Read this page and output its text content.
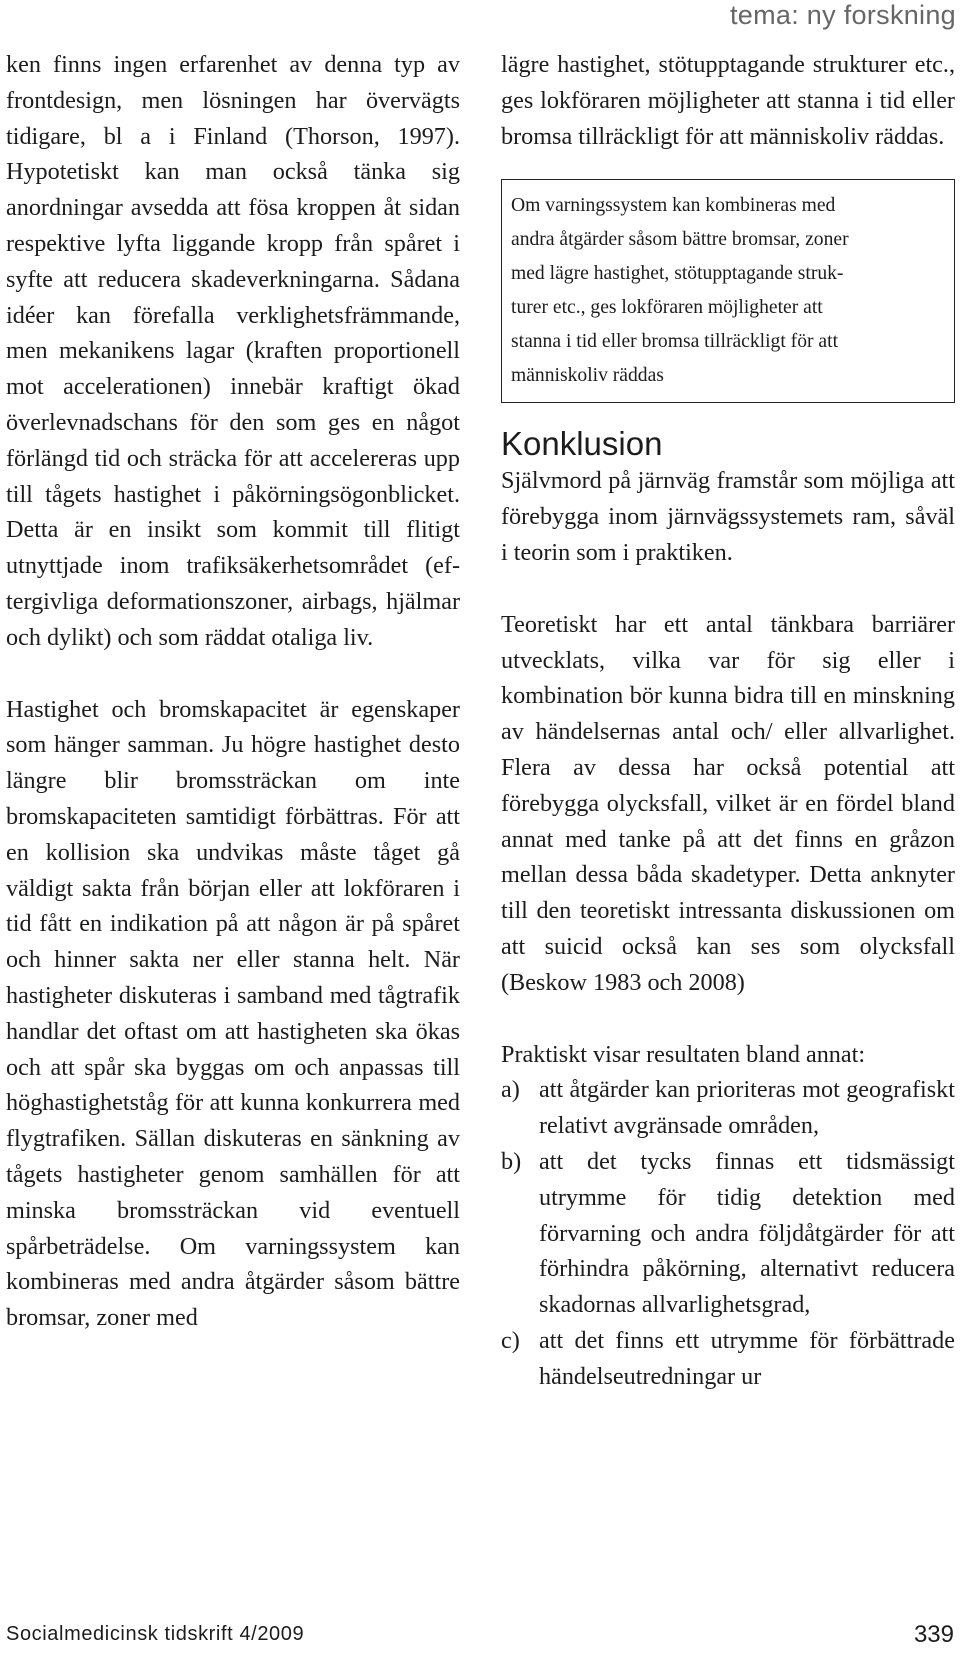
tema: ny forskning

ken finns ingen erfarenhet av denna typ av frontdesign, men lösningen har övervägts tidigare, bl a i Finland (Thorson, 1997). Hypotetiskt kan man också tänka sig anordningar avsedda att fösa kroppen åt sidan respektive lyfta liggande kropp från spåret i syfte att reducera skadeverkningarna. Sådana idéer kan förefalla verklighetsfrämmande, men mekanikens lagar (kraften proportionell mot accelerationen) innebär kraftigt ökad överlevnadschans för den som ges en något förlängd tid och sträcka för att accelereras upp till tågets hastighet i påkörningsögonblicket. Detta är en insikt som kommit till flitigt utnyttjade inom trafiksäkerhetsområdet (eftergivliga deformationszoner, airbags, hjälmar och dylikt) och som räddat otaliga liv.

Hastighet och bromskapacitet är egenskaper som hänger samman. Ju högre hastighet desto längre blir bromssträckan om inte bromskapaciteten samtidigt förbättras. För att en kollision ska undvikas måste tåget gå väldigt sakta från början eller att lokföraren i tid fått en indikation på att någon är på spåret och hinner sakta ner eller stanna helt. När hastigheter diskuteras i samband med tågtrafik handlar det oftast om att hastigheten ska ökas och att spår ska byggas om och anpassas till höghastighetståg för att kunna konkurrera med flygtrafiken. Sällan diskuteras en sänkning av tågets hastigheter genom samhällen för att minska bromssträckan vid eventuell spårbeträdelse. Om varningssystem kan kombineras med andra åtgärder såsom bättre bromsar, zoner med

lägre hastighet, stötupptagande strukturer etc., ges lokföraren möjligheter att stanna i tid eller bromsa tillräckligt för att människoliv räddas.

Om varningssystem kan kombineras med
andra åtgärder såsom bättre bromsar, zoner
med lägre hastighet, stötupptagande struk-
turer etc., ges lokföraren möjligheter att
stanna i tid eller bromsa tillräckligt för att
människoliv räddas
Konklusion

Självmord på järnväg framstår som möjliga att förebygga inom järnvägssystemets ram, såväl i teorin som i praktiken.

Teoretiskt har ett antal tänkbara barriärer utvecklats, vilka var för sig eller i kombination bör kunna bidra till en minskning av händelsernas antal och/ eller allvarlighet. Flera av dessa har också potential att förebygga olycksfall, vilket är en fördel bland annat med tanke på att det finns en gråzon mellan dessa båda skadetyper. Detta anknyter till den teoretiskt intressanta diskussionen om att suicid också kan ses som olycksfall (Beskow 1983 och 2008)

Praktiskt visar resultaten bland annat:

a) att åtgärder kan prioriteras mot geografiskt relativt avgränsade områden,
b) att det tycks finnas ett tidsmässigt utrymme för tidig detektion med förvarning och andra följdåtgärder för att förhindra påkörning, alternativt reducera skadornas allvarlighetsgrad,
c) att det finns ett utrymme för förbättrade händelseutredningar ur
Socialmedicinsk tidskrift 4/2009	339
